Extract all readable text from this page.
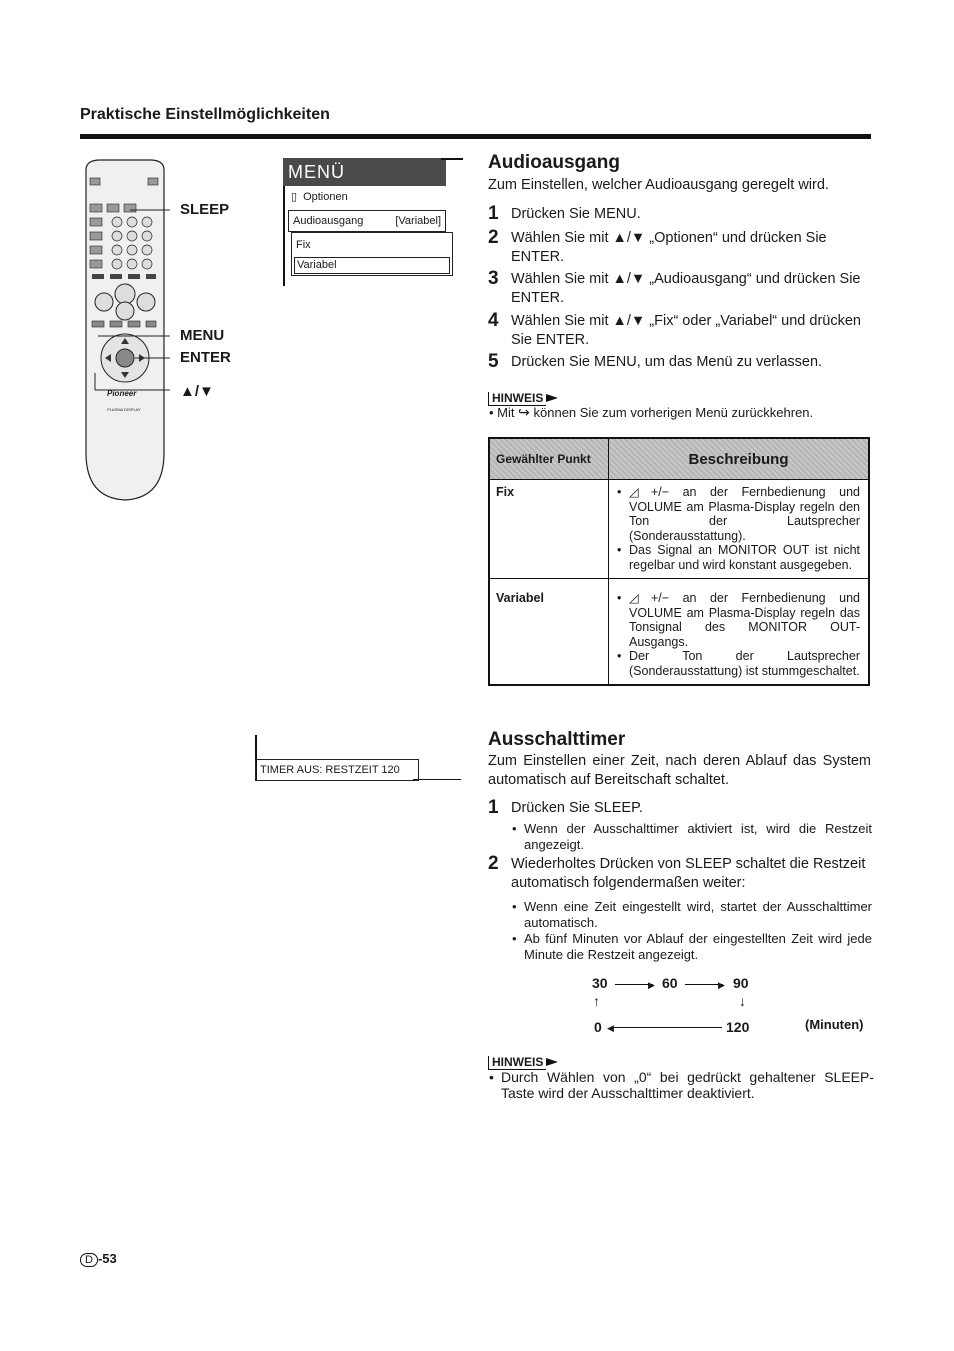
Praktische Einstellmöglichkeiten
Pioneer
PLASMA DISPLAY
SLEEP
MENU
ENTER
▲/▼
MENÜ
▯ Optionen
Audioausgang	[Variabel]
Fix
Variabel
Audioausgang
Zum Einstellen, welcher Audioausgang geregelt wird.
1 Drücken Sie MENU.
2 Wählen Sie mit ▲/▼ „Optionen“ und drücken Sie ENTER.
3 Wählen Sie mit ▲/▼ „Audioausgang“ und drücken Sie ENTER.
4 Wählen Sie mit ▲/▼ „Fix“ oder „Variabel“ und drücken Sie ENTER.
5 Drücken Sie MENU, um das Menü zu verlassen.
HINWEIS
• Mit ↩ können Sie zum vorherigen Menü zurückkehren.
Gewählter Punkt	Beschreibung
Fix	• ◿ +/− an der Fernbedienung und VOLUME am Plasma-Display regeln den Ton der Lautsprecher (Sonderausstattung).
• Das Signal an MONITOR OUT ist nicht regelbar und wird konstant ausgegeben.

Variabel	• ◿ +/− an der Fernbedienung und VOLUME am Plasma-Display regeln das Tonsignal des MONITOR OUT-Ausgangs.
• Der Ton der Lautsprecher (Sonderausstattung) ist stummgeschaltet.
TIMER AUS: RESTZEIT 120
Ausschalttimer
Zum Einstellen einer Zeit, nach deren Ablauf das System automatisch auf Bereitschaft schaltet.
1 Drücken Sie SLEEP.
• Wenn der Ausschalttimer aktiviert ist, wird die Restzeit angezeigt.
2 Wiederholtes Drücken von SLEEP schaltet die Restzeit automatisch folgendermaßen weiter:
• Wenn eine Zeit eingestellt wird, startet der Ausschalttimer automatisch.
• Ab fünf Minuten vor Ablauf der eingestellten Zeit wird jede Minute die Restzeit angezeigt.
30	▶ 60	▶ 90
↓
↑
0 ◀	120	(Minuten)
HINWEIS
• Durch Wählen von „0“ bei gedrückt gehaltener SLEEP-Taste wird der Ausschalttimer deaktiviert.
D -53
